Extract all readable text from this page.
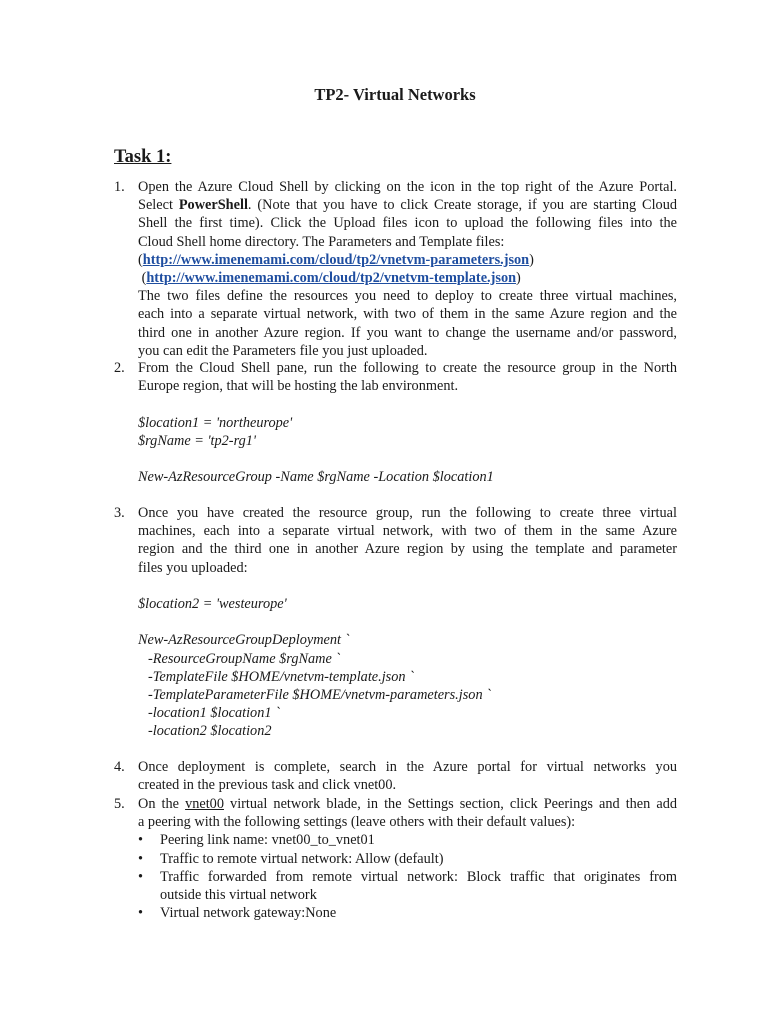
TP2- Virtual Networks
Task 1:
1. Open the Azure Cloud Shell by clicking on the icon in the top right of the Azure Portal.
Select PowerShell. (Note that you have to click Create storage, if you are starting Cloud
Shell the first time). Click the Upload files icon to upload the following files into the
Cloud Shell home directory. The Parameters and Template files:
(http://www.imenemami.com/cloud/tp2/vnetvm-parameters.json)
(http://www.imenemami.com/cloud/tp2/vnetvm-template.json)
The two files define the resources you need to deploy to create three virtual machines,
each into a separate virtual network, with two of them in the same Azure region and the
third one in another Azure region. If you want to change the username and/or password,
you can edit the Parameters file you just uploaded.
2. From the Cloud Shell pane, run the following to create the resource group in the North
Europe region, that will be hosting the lab environment.
$location1 = 'northeurope'
$rgName = 'tp2-rg1'
New-AzResourceGroup -Name $rgName -Location $location1
3. Once you have created the resource group, run the following to create three virtual
machines, each into a separate virtual network, with two of them in the same Azure
region and the third one in another Azure region by using the template and parameter
files you uploaded:
$location2 = 'westeurope'
New-AzResourceGroupDeployment `
-ResourceGroupName $rgName `
-TemplateFile $HOME/vnetvm-template.json `
-TemplateParameterFile $HOME/vnetvm-parameters.json `
-location1 $location1 `
-location2 $location2
4. Once deployment is complete, search in the Azure portal for virtual networks you
created in the previous task and click vnet00.
5. On the vnet00 virtual network blade, in the Settings section, click Peerings and then add
a peering with the following settings (leave others with their default values):
• Peering link name: vnet00_to_vnet01
• Traffic to remote virtual network: Allow (default)
• Traffic forwarded from remote virtual network: Block traffic that originates from
outside this virtual network
• Virtual network gateway:None
